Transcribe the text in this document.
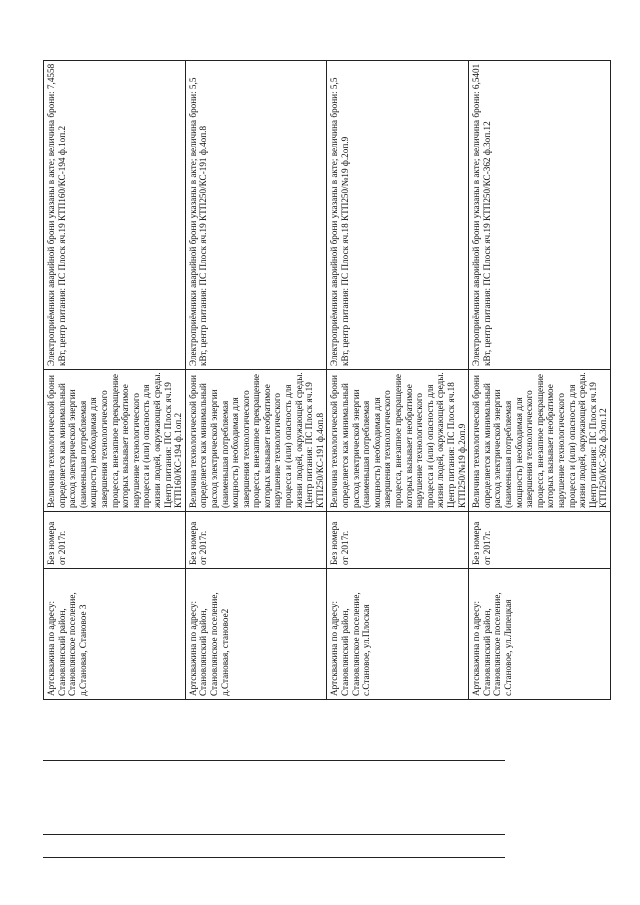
Артскважина по адресу: Становлянский район, Становлянское поселение, д.Становая, Становое 3
Без номера от 2017г.
Величина технологической брони определяется как минимальный расход электрической энергии (наименьшая потребляемая мощность) необходимая для завершения технологического процесса, внезапное прекращение которых вызывает необратимое нарушение технологического процесса и (или) опасность для жизни людей, окружающей среды. Центр питания: ПС Плоск яч.19 КТП160/КС-194 ф.1оп.2
Электроприёмники аварийной брони указаны в акте; величина брони: 7,4558 кВт, центр питания: ПС Плоск яч.19 КТП160/КС-194 ф.1оп.2
Артскважина по адресу: Становлянский район, Становлянское поселение, д.Становая, становое2
Без номера от 2017г.
Величина технологической брони определяется как минимальный расход электрической энергии (наименьшая потребляемая мощность) необходимая для завершения технологического процесса, внезапное прекращение которых вызывает необратимое нарушение технологического процесса и (или) опасность для жизни людей, окружающей среды. Центр питания: ПС Плоск яч.19 КТП250/КС-191 ф.4оп.8
Электроприёмники аварийной брони указаны в акте; величина брони: 5,5 кВт, центр питания: ПС Плоск яч.19 КТП250/КС-191 ф.4оп.8
Артскважина по адресу: Становлянский район, Становлянское поселение, с.Становое, ул.Плоская
Без номера от 2017г.
Величина технологической брони определяется как минимальный расход электрической энергии (наименьшая потребляемая мощность) необходимая для завершения технологического процесса, внезапное прекращение которых вызывает необратимое нарушение технологического процесса и (или) опасность для жизни людей, окружающей среды. Центр питания: ПС Плоск яч.18 КТП250/№19 ф.2оп.9
Электроприёмники аварийной брони указаны в акте; величина брони: 5,5 кВт, центр питания: ПС Плоск яч.18 КТП250/№19 ф.2оп.9
Артскважина по адресу: Становлянский район, Становлянское поселение, с.Становое, ул.Липецкая
Без номера от 2017г.
Величина технологической брони определяется как минимальный расход электрической энергии (наименьшая потребляемая мощность) необходимая для завершения технологического процесса, внезапное прекращение которых вызывает необратимое нарушение технологического процесса и (или) опасность для жизни людей, окружающей среды. Центр питания: ПС Плоск яч.19 КТП250/КС-362 ф.3оп.12
Электроприёмники аварийной брони указаны в акте; величина брони: 6,5401 кВт, центр питания: ПС Плоск яч.19 КТП250/КС-362 ф.3оп.12
